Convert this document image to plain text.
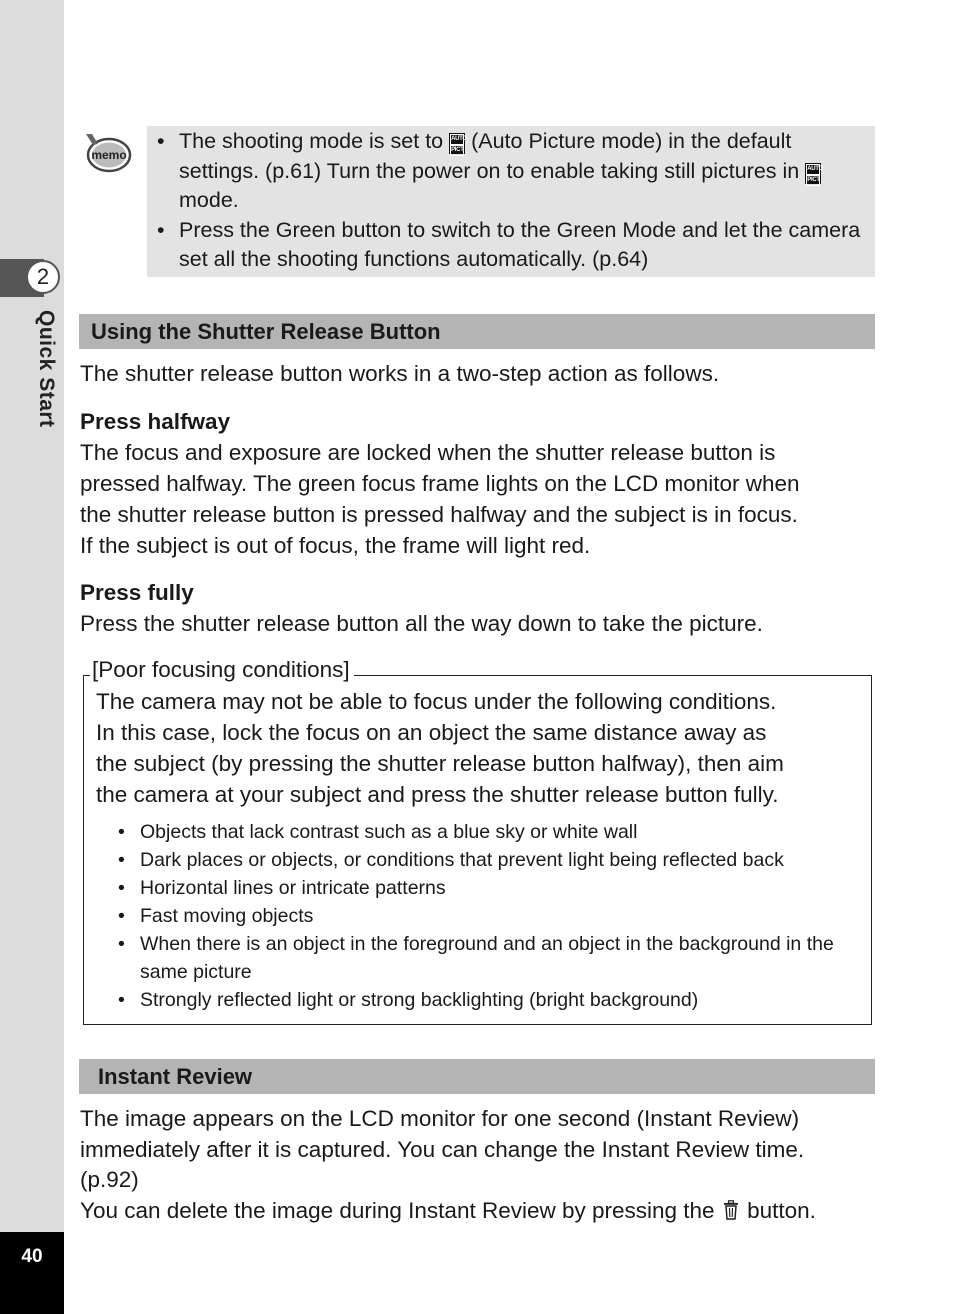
2
Quick Start
40
memo
• The shooting mode is set to AUTO
PICT (Auto Picture mode) in the default settings. (p.61) Turn the power on to enable taking still pictures in AUTO
PICT
mode.
• Press the Green button to switch to the Green Mode and let the camera set all the shooting functions automatically. (p.64)
Using the Shutter Release Button
The shutter release button works in a two-step action as follows.
Press halfway
The focus and exposure are locked when the shutter release button is
pressed halfway. The green focus frame lights on the LCD monitor when
the shutter release button is pressed halfway and the subject is in focus.
If the subject is out of focus, the frame will light red.
Press fully
Press the shutter release button all the way down to take the picture.
[Poor focusing conditions]
The camera may not be able to focus under the following conditions.
In this case, lock the focus on an object the same distance away as
the subject (by pressing the shutter release button halfway), then aim
the camera at your subject and press the shutter release button fully.
• Objects that lack contrast such as a blue sky or white wall
• Dark places or objects, or conditions that prevent light being reflected back
• Horizontal lines or intricate patterns
• Fast moving objects
• When there is an object in the foreground and an object in the background in the same picture
• Strongly reflected light or strong backlighting (bright background)
Instant Review
The image appears on the LCD monitor for one second (Instant Review)
immediately after it is captured. You can change the Instant Review time.
(p.92)
You can delete the image during Instant Review by pressing the button.
